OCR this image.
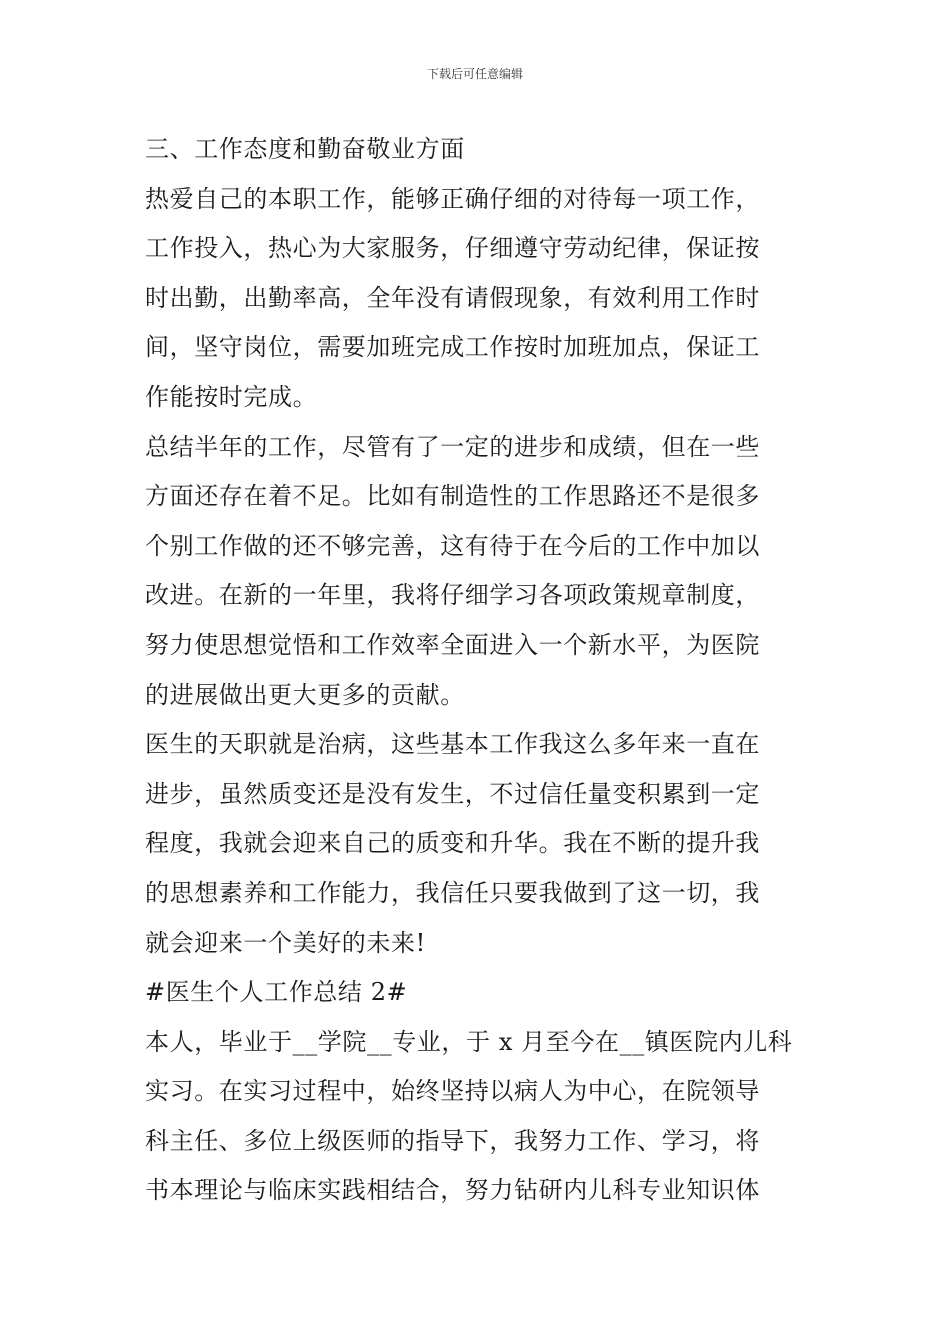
下载后可任意编辑
三、工作态度和勤奋敬业方面
热爱自己的本职工作，能够正确仔细的对待每一项工作，
工作投入，热心为大家服务，仔细遵守劳动纪律，保证按
时出勤，出勤率高，全年没有请假现象，有效利用工作时
间，坚守岗位，需要加班完成工作按时加班加点，保证工
作能按时完成。
总结半年的工作，尽管有了一定的进步和成绩，但在一些
方面还存在着不足。比如有制造性的工作思路还不是很多
个别工作做的还不够完善，这有待于在今后的工作中加以
改进。在新的一年里，我将仔细学习各项政策规章制度，
努力使思想觉悟和工作效率全面进入一个新水平，为医院
的进展做出更大更多的贡献。
医生的天职就是治病，这些基本工作我这么多年来一直在
进步，虽然质变还是没有发生，不过信任量变积累到一定
程度，我就会迎来自己的质变和升华。我在不断的提升我
的思想素养和工作能力，我信任只要我做到了这一切，我
就会迎来一个美好的未来!
#医生个人工作总结 2#
本人，毕业于__学院__专业，于 x 月至今在__镇医院内儿科
实习。在实习过程中，始终坚持以病人为中心，在院领导
科主任、多位上级医师的指导下，我努力工作、学习，将
书本理论与临床实践相结合，努力钻研内儿科专业知识体
